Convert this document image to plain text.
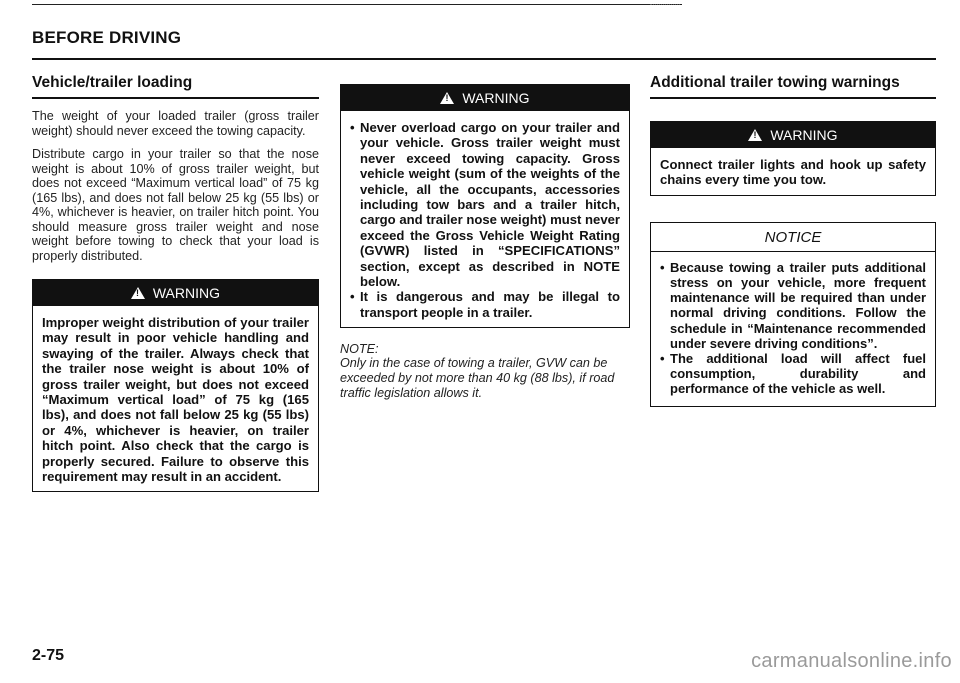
BEFORE DRIVING
Vehicle/trailer loading

The weight of your loaded trailer (gross trailer weight) should never exceed the towing capacity.

Distribute cargo in your trailer so that the nose weight is about 10% of gross trailer weight, but does not exceed “Maximum vertical load” of 75 kg (165 lbs), and does not fall below 25 kg (55 lbs) or 4%, whichever is heavier, on trailer hitch point. You should measure gross trailer weight and nose weight before towing to check that your load is properly distributed.

! WARNING
Improper weight distribution of your trailer may result in poor vehicle handling and swaying of the trailer. Always check that the trailer nose weight is about 10% of gross trailer weight, but does not exceed “Maximum vertical load” of 75 kg (165 lbs), and does not fall below 25 kg (55 lbs) or 4%, whichever is heavier, on trailer hitch point. Also check that the cargo is properly secured. Failure to observe this requirement may result in an accident.
! WARNING
• Never overload cargo on your trailer and your vehicle. Gross trailer weight must never exceed towing capacity. Gross vehicle weight (sum of the weights of the vehicle, all the occupants, accessories including tow bars and a trailer hitch, cargo and trailer nose weight) must never exceed the Gross Vehicle Weight Rating (GVWR) listed in “SPECIFICATIONS” section, except as described in NOTE below.
• It is dangerous and may be illegal to transport people in a trailer.
NOTE:
Only in the case of towing a trailer, GVW can be exceeded by not more than 40 kg (88 lbs), if road traffic legislation allows it.
Additional trailer towing warnings
! WARNING
Connect trailer lights and hook up safety chains every time you tow.
NOTICE
• Because towing a trailer puts additional stress on your vehicle, more frequent maintenance will be required than under normal driving conditions. Follow the schedule in “Maintenance recommended under severe driving conditions”.
• The additional load will affect fuel consumption, durability and performance of the vehicle as well.
2-75	carmanualsonline.info
